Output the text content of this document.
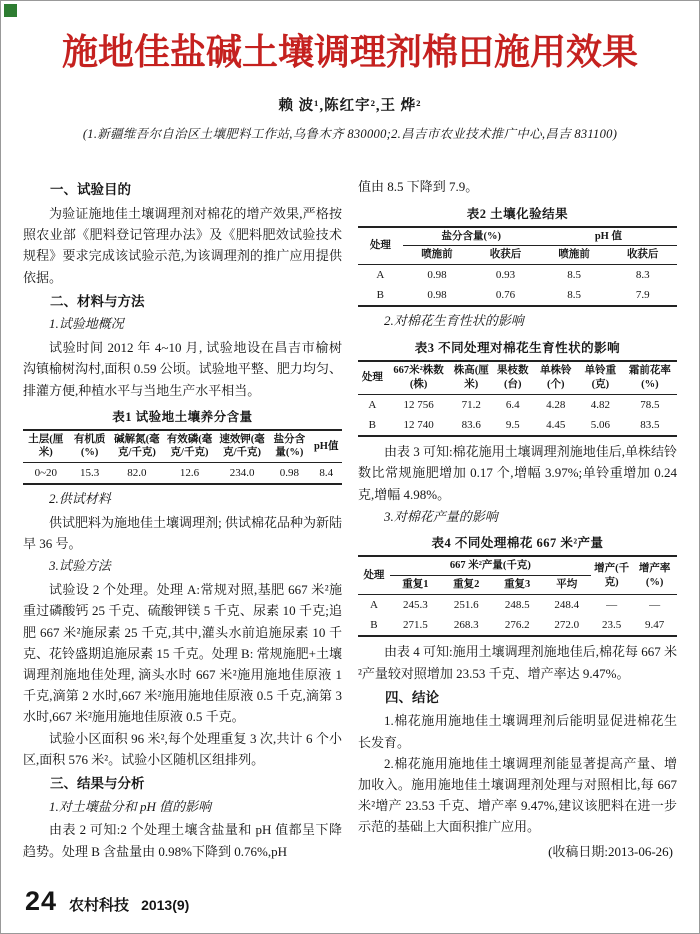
施地佳盐碱土壤调理剂棉田施用效果
赖 波¹,陈红宇²,王 烨²
(1.新疆维吾尔自治区土壤肥料工作站,乌鲁木齐 830000;2.昌吉市农业技术推广中心,昌吉 831100)
一、试验目的

为验证施地佳土壤调理剂对棉花的增产效果,严格按照农业部《肥料登记管理办法》及《肥料肥效试验技术规程》要求完成该试验示范,为该调理剂的推广应用提供依据。

二、材料与方法
1.试验地概况

试验时间 2012 年 4~10 月, 试验地设在昌吉市榆树沟镇榆树沟村,面积 0.59 公顷。试验地平整、肥力均匀、排灌方便,种植水平与当地生产水平相当。

表1 试验地土壤养分含量
土层(厘米)	有机质(%)	碱解氮(毫克/千克)	有效磷(毫克/千克)	速效钾(毫克/千克)	盐分含量(%)	pH值
0~20	15.3	82.0	12.6	234.0	0.98	8.4
2.供试材料

供试肥料为施地佳土壤调理剂; 供试棉花品种为新陆早 36 号。

3.试验方法

试验设 2 个处理。处理 A:常规对照,基肥 667 米²施重过磷酸钙 25 千克、硫酸钾镁 5 千克、尿素 10 千克;追肥 667 米²施尿素 25 千克,其中,灌头水前追施尿素 10 千克、花铃盛期追施尿素 15 千克。处理 B: 常规施肥+土壤调理剂施地佳处理, 滴头水时 667 米²施用施地佳原液 1 千克,滴第 2 水时,667 米²施用施地佳原液 0.5 千克,滴第 3 水时,667 米²施用施地佳原液 0.5 千克。

试验小区面积 96 米²,每个处理重复 3 次,共计 6 个小区,面积 576 米²。试验小区随机区组排列。

三、结果与分析
1.对土壤盐分和 pH 值的影响

由表 2 可知:2 个处理土壤含盐量和 pH 值都呈下降趋势。处理 B 含盐量由 0.98%下降到 0.76%,pH

值由 8.5 下降到 7.9。

表2 土壤化验结果
处理	盐分含量(%)		pH 值	
	喷施前	收获后	喷施前	收获后
A	0.98	0.93	8.5	8.3
B	0.98	0.76	8.5	7.9
2.对棉花生育性状的影响
表3 不同处理对棉花生育性状的影响
处理	667米²株数(株)	株高(厘米)	果枝数(台)	单株铃(个)	单铃重(克)	霜前花率(%)
A	12 756	71.2	6.4	4.28	4.82	78.5
B	12 740	83.6	9.5	4.45	5.06	83.5

由表 3 可知:棉花施用土壤调理剂施地佳后,单株结铃数比常规施肥增加 0.17 个,增幅 3.97%;单铃重增加 0.24 克,增幅 4.98%。

3.对棉花产量的影响
表4 不同处理棉花 667 米²产量
处理	667 米²产量(千克)				增产(千克)	增产率(%)
	重复1	重复2	重复3	平均		
A	245.3	251.6	248.5	248.4	—	—
B	271.5	268.3	276.2	272.0	23.5	9.47

由表 4 可知:施用土壤调理剂施地佳后,棉花每 667 米²产量较对照增加 23.53 千克、增产率达 9.47%。

四、结论

1.棉花施用施地佳土壤调理剂后能明显促进棉花生长发育。

2.棉花施用施地佳土壤调理剂能显著提高产量、增加收入。施用施地佳土壤调理剂处理与对照相比,每 667 米²增产 23.53 千克、增产率 9.47%,建议该肥料在进一步示范的基础上大面积推广应用。

(收稿日期:2013-06-26)
24 农村科技 2013(9)
